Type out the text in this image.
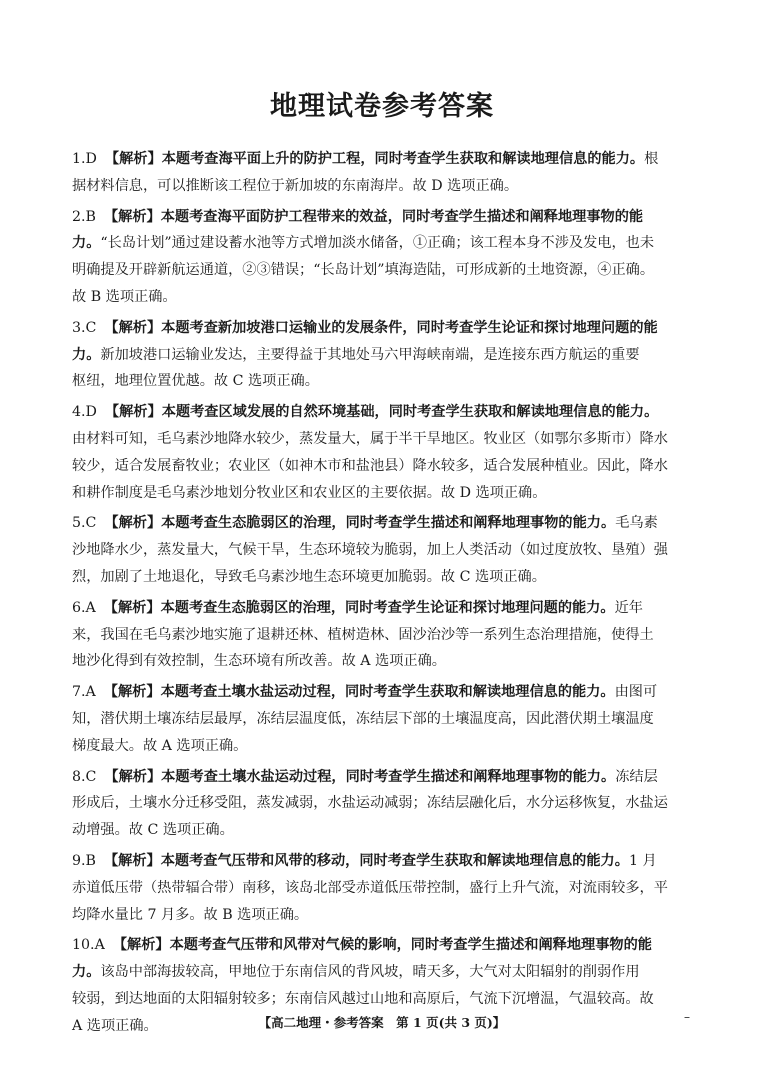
地理试卷参考答案
1.D 【解析】本题考查海平面上升的防护工程，同时考查学生获取和解读地理信息的能力。根
据材料信息，可以推断该工程位于新加坡的东南海岸。故 D 选项正确。
2.B 【解析】本题考查海平面防护工程带来的效益，同时考查学生描述和阐释地理事物的能
力。“长岛计划”通过建设蓄水池等方式增加淡水储备，①正确；该工程本身不涉及发电，也未
明确提及开辟新航运通道，②③错误；“长岛计划”填海造陆，可形成新的土地资源，④正确。
故 B 选项正确。
3.C 【解析】本题考查新加坡港口运输业的发展条件，同时考查学生论证和探讨地理问题的能
力。新加坡港口运输业发达，主要得益于其地处马六甲海峡南端，是连接东西方航运的重要
枢纽，地理位置优越。故 C 选项正确。
4.D 【解析】本题考查区域发展的自然环境基础，同时考查学生获取和解读地理信息的能力。
由材料可知，毛乌素沙地降水较少，蒸发量大，属于半干旱地区。牧业区（如鄂尔多斯市）降水
较少，适合发展畜牧业；农业区（如神木市和盐池县）降水较多，适合发展种植业。因此，降水
和耕作制度是毛乌素沙地划分牧业区和农业区的主要依据。故 D 选项正确。
5.C 【解析】本题考查生态脆弱区的治理，同时考查学生描述和阐释地理事物的能力。毛乌素
沙地降水少，蒸发量大，气候干旱，生态环境较为脆弱，加上人类活动（如过度放牧、垦殖）强
烈，加剧了土地退化，导致毛乌素沙地生态环境更加脆弱。故 C 选项正确。
6.A 【解析】本题考查生态脆弱区的治理，同时考查学生论证和探讨地理问题的能力。近年
来，我国在毛乌素沙地实施了退耕还林、植树造林、固沙治沙等一系列生态治理措施，使得土
地沙化得到有效控制，生态环境有所改善。故 A 选项正确。
7.A 【解析】本题考查土壤水盐运动过程，同时考查学生获取和解读地理信息的能力。由图可
知，潜伏期土壤冻结层最厚，冻结层温度低，冻结层下部的土壤温度高，因此潜伏期土壤温度
梯度最大。故 A 选项正确。
8.C 【解析】本题考查土壤水盐运动过程，同时考查学生描述和阐释地理事物的能力。冻结层
形成后，土壤水分迁移受阻，蒸发减弱，水盐运动减弱；冻结层融化后，水分运移恢复，水盐运
动增强。故 C 选项正确。
9.B 【解析】本题考查气压带和风带的移动，同时考查学生获取和解读地理信息的能力。1 月
赤道低压带（热带辐合带）南移，该岛北部受赤道低压带控制，盛行上升气流，对流雨较多，平
均降水量比 7 月多。故 B 选项正确。
10.A 【解析】本题考查气压带和风带对气候的影响，同时考查学生描述和阐释地理事物的能
力。该岛中部海拔较高，甲地位于东南信风的背风坡，晴天多，大气对太阳辐射的削弱作用
较弱，到达地面的太阳辐射较多；东南信风越过山地和高原后，气流下沉增温，气温较高。故
A 选项正确。	【高二地理・参考答案　第 1 页(共 3 页)】	–
